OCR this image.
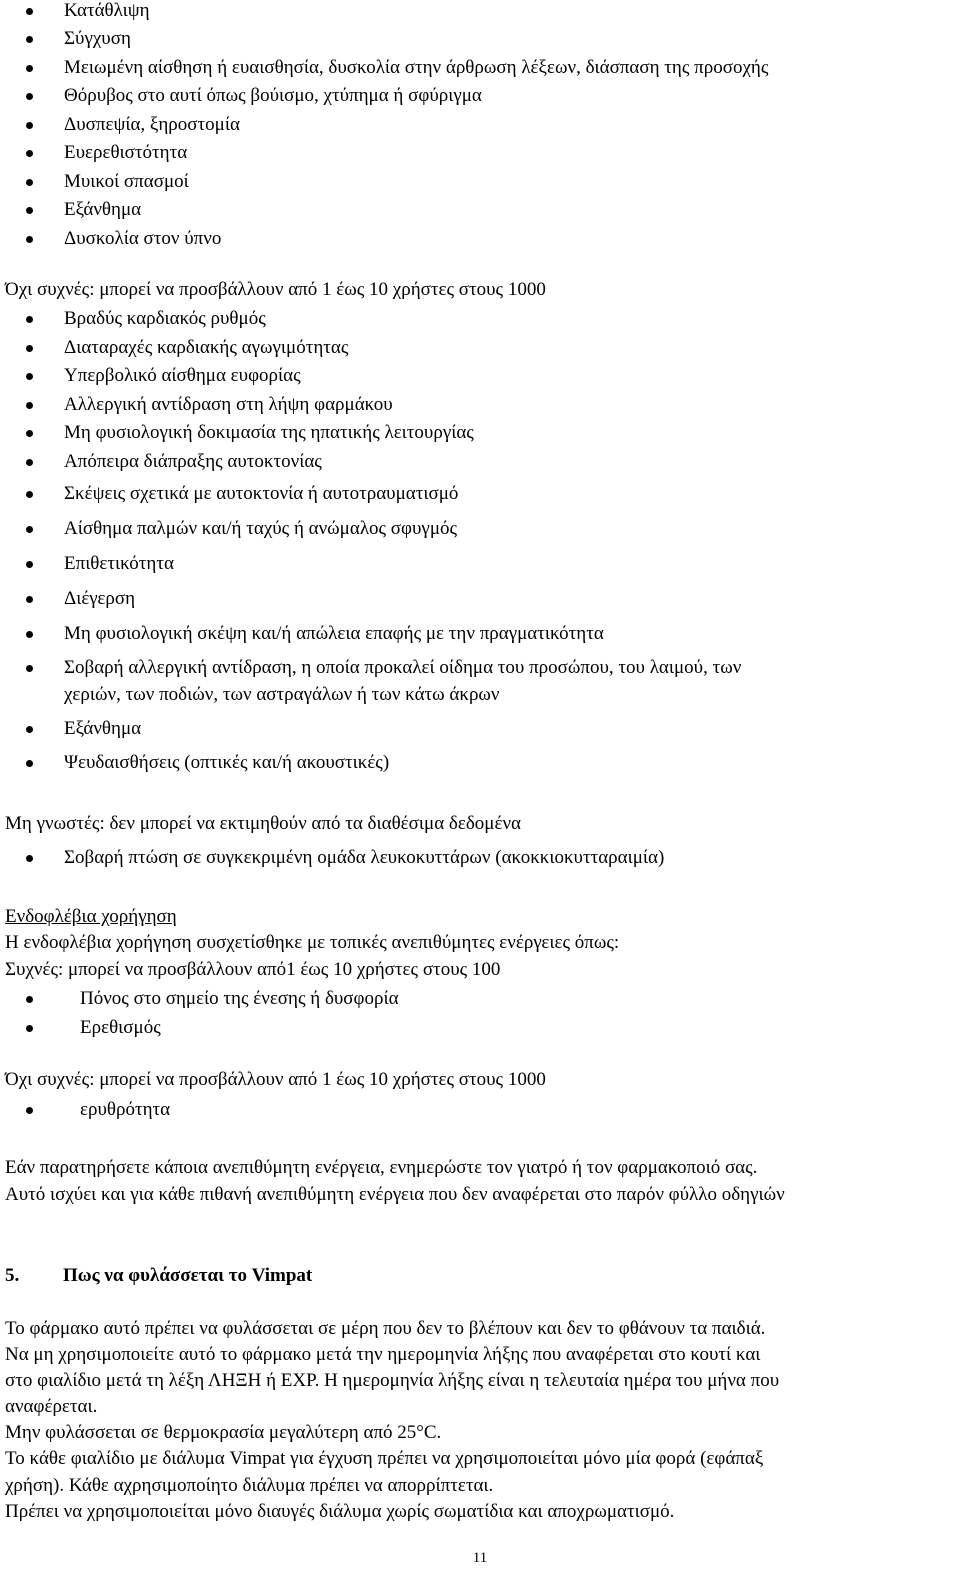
Κατάθλιψη
Σύγχυση
Μειωμένη αίσθηση ή ευαισθησία, δυσκολία στην άρθρωση λέξεων, διάσπαση της προσοχής
Θόρυβος στο αυτί όπως βούισμο, χτύπημα ή σφύριγμα
Δυσπεψία, ξηροστομία
Ευερεθιστότητα
Μυικοί σπασμοί
Εξάνθημα
Δυσκολία στον ύπνο
Όχι συχνές: μπορεί να προσβάλλουν από 1 έως 10 χρήστες στους 1000
Βραδύς καρδιακός ρυθμός
Διαταραχές καρδιακής αγωγιμότητας
Υπερβολικό αίσθημα ευφορίας
Αλλεργική αντίδραση στη λήψη φαρμάκου
Μη φυσιολογική δοκιμασία της ηπατικής λειτουργίας
Απόπειρα διάπραξης αυτοκτονίας
Σκέψεις σχετικά με αυτοκτονία ή αυτοτραυματισμό
Αίσθημα παλμών και/ή ταχύς ή ανώμαλος σφυγμός
Επιθετικότητα
Διέγερση
Μη φυσιολογική σκέψη και/ή απώλεια επαφής με την πραγματικότητα
Σοβαρή αλλεργική αντίδραση, η οποία προκαλεί οίδημα του προσώπου, του λαιμού, των
χεριών, των ποδιών, των αστραγάλων ή των κάτω άκρων
Εξάνθημα
Ψευδαισθήσεις (οπτικές και/ή ακουστικές)
Μη γνωστές: δεν μπορεί να εκτιμηθούν από τα διαθέσιμα δεδομένα
Σοβαρή πτώση σε συγκεκριμένη ομάδα λευκοκυττάρων (ακοκκιοκυτταραιμία)
Ενδοφλέβια χορήγηση
Η ενδοφλέβια χορήγηση συσχετίσθηκε με τοπικές ανεπιθύμητες ενέργειες όπως:
Συχνές: μπορεί να προσβάλλουν από1 έως 10 χρήστες στους 100
Πόνος στο σημείο της ένεσης ή δυσφορία
Ερεθισμός
Όχι συχνές: μπορεί να προσβάλλουν από 1 έως 10 χρήστες στους 1000
ερυθρότητα
Εάν παρατηρήσετε κάποια ανεπιθύμητη ενέργεια, ενημερώστε τον γιατρό ή τον φαρμακοποιό σας.
Αυτό ισχύει και για κάθε πιθανή ανεπιθύμητη ενέργεια που δεν αναφέρεται στο παρόν φύλλο οδηγιών
5. Πως να φυλάσσεται το Vimpat
Το φάρμακο αυτό πρέπει να φυλάσσεται σε μέρη που δεν το βλέπουν και δεν το φθάνουν τα παιδιά.
Να μη χρησιμοποιείτε αυτό το φάρμακο μετά την ημερομηνία λήξης που αναφέρεται στο κουτί και
στο φιαλίδιο μετά τη λέξη ΛΗΞΗ ή EXP. Η ημερομηνία λήξης είναι η τελευταία ημέρα του μήνα που
αναφέρεται.
Μην φυλάσσεται σε θερμοκρασία μεγαλύτερη από 25°C.
Το κάθε φιαλίδιο με διάλυμα Vimpat για έγχυση πρέπει να χρησιμοποιείται μόνο μία φορά (εφάπαξ
χρήση). Κάθε αχρησιμοποίητο διάλυμα πρέπει να απορρίπτεται.
Πρέπει να χρησιμοποιείται μόνο διαυγές διάλυμα χωρίς σωματίδια και αποχρωματισμό.
11
